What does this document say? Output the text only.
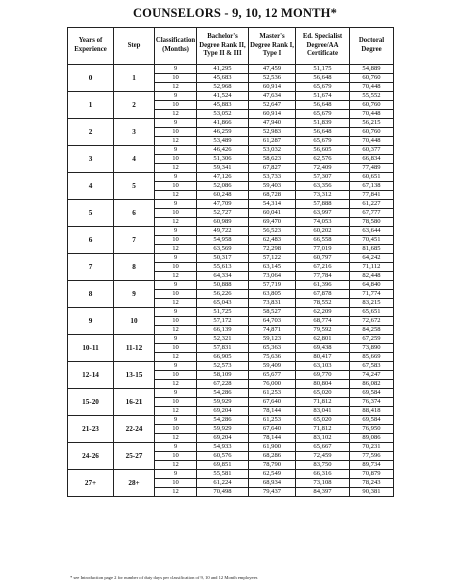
COUNSELORS - 9, 10, 12 MONTH*
Years of Experience	Step	Classification (Months)	Bachelor's Degree Rank II, Type II & III	Master's Degree Rank I, Type I	Ed. Specialist Degree/AA Certificate	Doctoral Degree
0	1	9	41,295	47,459	51,175	54,889
		10	45,683	52,536	56,648	60,760
		12	52,968	60,914	65,679	70,448
1	2	9	41,524	47,634	51,674	55,552
		10	45,883	52,647	56,648	60,760
		12	53,052	60,914	65,679	70,448
2	3	9	41,866	47,940	51,839	56,215
		10	46,259	52,983	56,648	60,760
		12	53,489	61,287	65,679	70,448
3	4	9	46,426	53,032	56,605	60,377
		10	51,306	58,623	62,576	66,834
		12	59,341	67,827	72,409	77,489
4	5	9	47,126	53,733	57,307	60,651
		10	52,086	59,403	63,356	67,138
		12	60,248	68,728	73,312	77,841
5	6	9	47,709	54,314	57,888	61,227
		10	52,727	60,041	63,997	67,777
		12	60,989	69,470	74,053	78,580
6	7	9	49,722	56,523	60,202	63,644
		10	54,958	62,483	66,558	70,451
		12	63,569	72,298	77,019	81,685
7	8	9	50,317	57,122	60,797	64,242
		10	55,613	63,145	67,216	71,112
		12	64,334	73,064	77,784	82,448
8	9	9	50,888	57,719	61,396	64,840
		10	56,226	63,805	67,878	71,774
		12	65,043	73,831	78,552	83,215
9	10	9	51,725	58,527	62,209	65,651
		10	57,172	64,703	68,774	72,672
		12	66,139	74,871	79,592	84,258
10-11	11-12	9	52,321	59,123	62,801	67,259
		10	57,831	65,363	69,438	73,890
		12	66,905	75,636	80,417	85,669
12-14	13-15	9	52,573	59,409	63,103	67,583
		10	58,109	65,677	69,770	74,247
		12	67,228	76,000	80,804	86,082
15-20	16-21	9	54,286	61,253	65,020	69,584
		10	59,929	67,640	71,812	76,374
		12	69,204	78,144	83,041	88,418
21-23	22-24	9	54,286	61,253	65,020	69,584
		10	59,929	67,640	71,812	76,950
		12	69,204	78,144	83,102	89,086
24-26	25-27	9	54,933	61,900	65,667	70,231
		10	60,576	68,286	72,459	77,596
		12	69,851	78,790	83,750	89,734
27+	28+	9	55,581	62,549	66,316	70,879
		10	61,224	68,934	73,108	78,243
		12	70,498	79,437	84,397	90,381
* see Introduction page 2 for number of duty days per classification of 9, 10 and 12 Month employees
